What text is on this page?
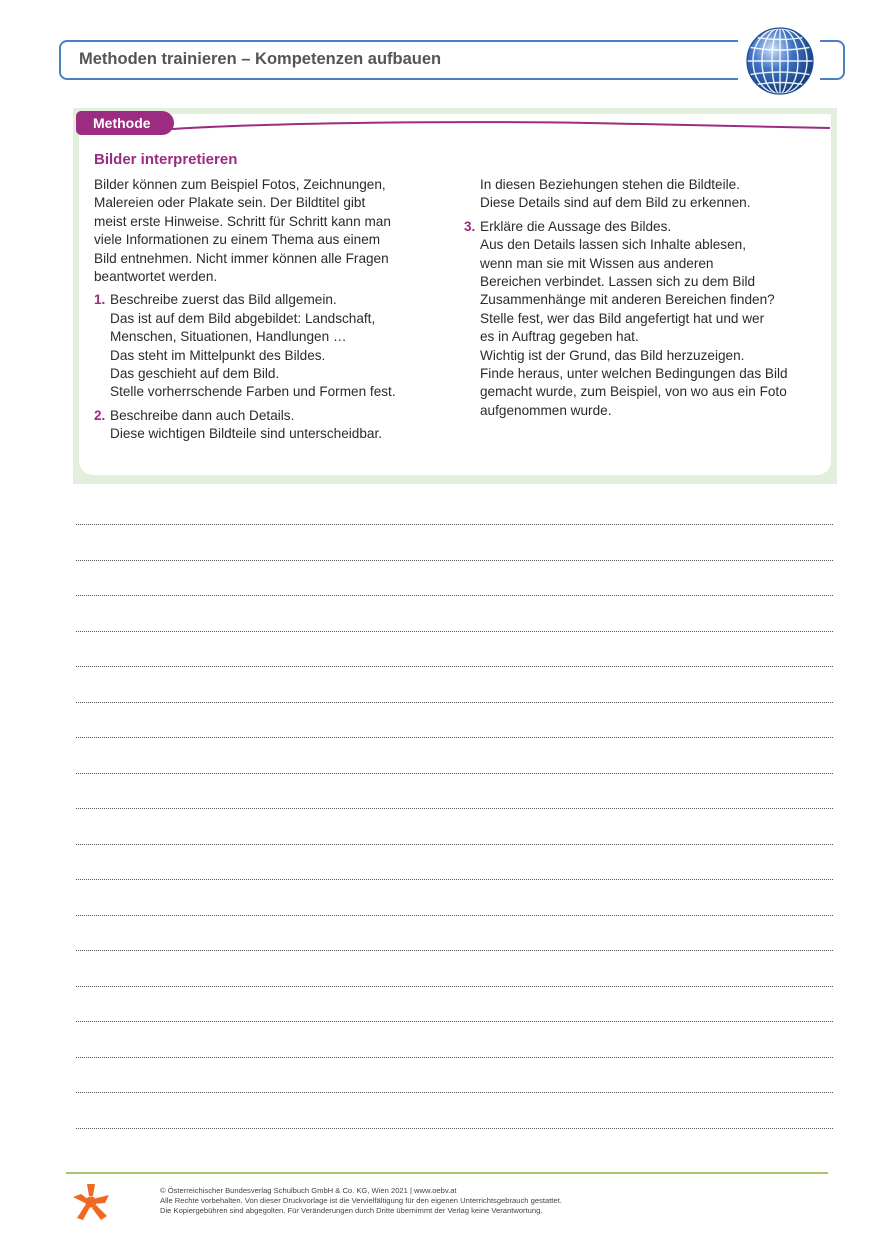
Methoden trainieren – Kompetenzen aufbauen
Methode
Bilder interpretieren

Bilder können zum Beispiel Fotos, Zeichnungen,

Malereien oder Plakate sein. Der Bildtitel gibt

meist erste Hinweise. Schritt für Schritt kann man

viele Informationen zu einem Thema aus einem

Bild entnehmen. Nicht immer können alle Fragen

beantwortet werden.

1. Beschreibe zuerst das Bild allgemein.

Das ist auf dem Bild abgebildet: Landschaft,

Menschen, Situationen, Handlungen …

Das steht im Mittelpunkt des Bildes.

Das geschieht auf dem Bild.

Stelle vorherrschende Farben und Formen fest.

2. Beschreibe dann auch Details.

Diese wichtigen Bildteile sind unterscheidbar.

In diesen Beziehungen stehen die Bildteile.

Diese Details sind auf dem Bild zu erkennen.

3. Erkläre die Aussage des Bildes.

Aus den Details lassen sich Inhalte ablesen,

wenn man sie mit Wissen aus anderen

Bereichen verbindet. Lassen sich zu dem Bild

Zusammenhänge mit anderen Bereichen finden?

Stelle fest, wer das Bild angefertigt hat und wer

es in Auftrag gegeben hat.

Wichtig ist der Grund, das Bild herzuzeigen.

Finde heraus, unter welchen Bedingungen das Bild

gemacht wurde, zum Beispiel, von wo aus ein Foto

aufgenommen wurde.

© Österreichischer Bundesverlag Schulbuch GmbH & Co. KG, Wien 2021 | www.oebv.at
Alle Rechte vorbehalten. Von dieser Druckvorlage ist die Vervielfältigung für den eigenen Unterrichtsgebrauch gestattet.
Die Kopiergebühren sind abgegolten. Für Veränderungen durch Dritte übernimmt der Verlag keine Verantwortung.
